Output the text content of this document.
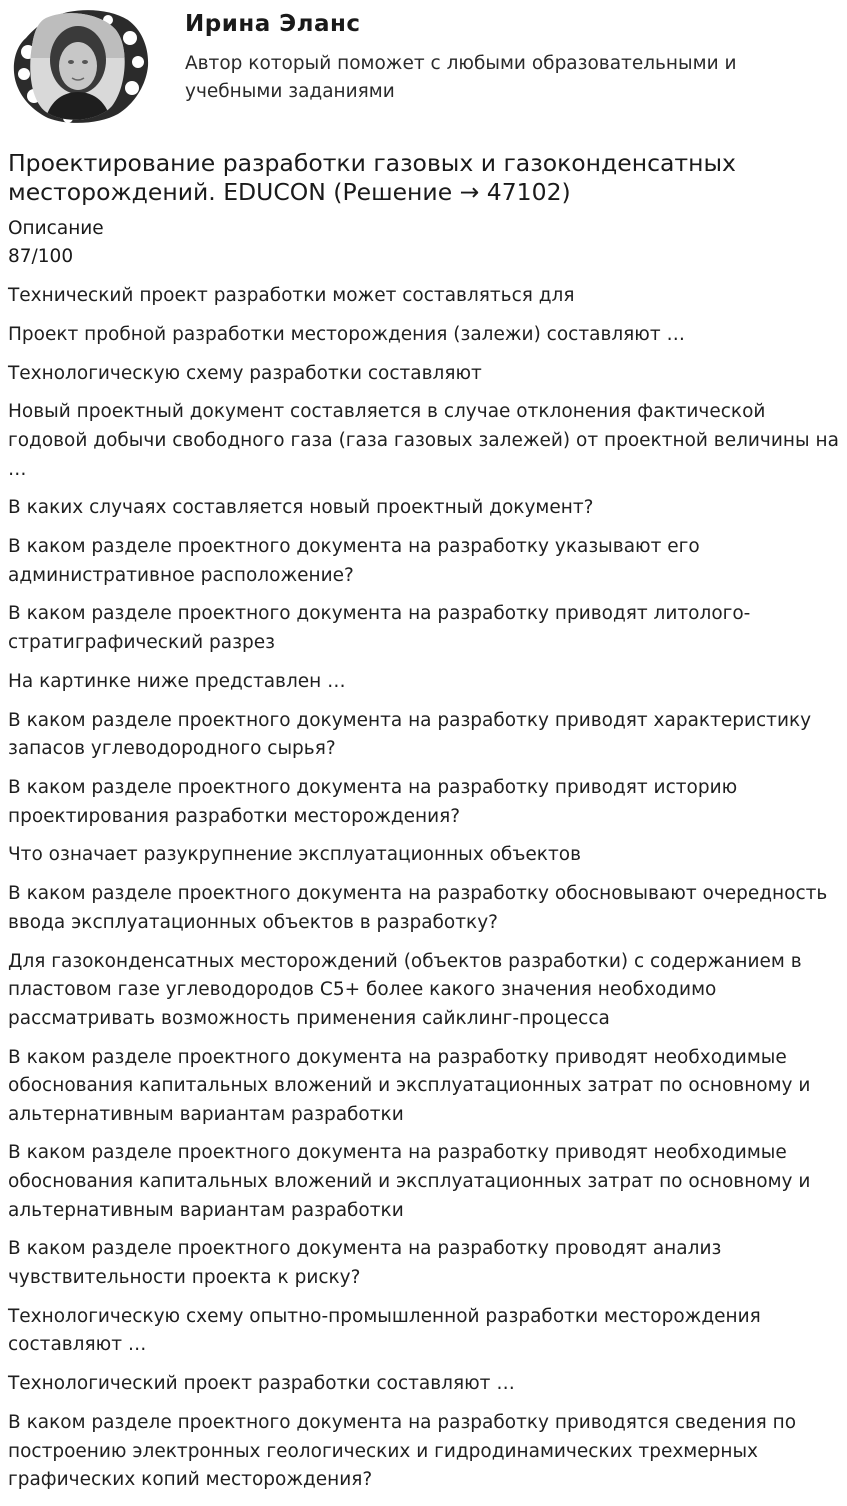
Ирина Эланс
Автор который поможет с любыми образовательными и учебными заданиями
Проектирование разработки газовых и газоконденсатных месторождений. EDUCON (Решение → 47102)
Описание
87/100
Технический проект разработки может составляться для
Проект пробной разработки месторождения (залежи) составляют …
Технологическую схему разработки составляют
Новый проектный документ составляется в случае отклонения фактической годовой добычи свободного газа (газа газовых залежей) от проектной величины на …
В каких случаях составляется новый проектный документ?
В каком разделе проектного документа на разработку указывают его административное расположение?
В каком разделе проектного документа на разработку приводят литолого-стратиграфический разрез
На картинке ниже представлен …
В каком разделе проектного документа на разработку приводят характеристику запасов углеводородного сырья?
В каком разделе проектного документа на разработку приводят историю проектирования разработки месторождения?
Что означает разукрупнение эксплуатационных объектов
В каком разделе проектного документа на разработку обосновывают очередность ввода эксплуатационных объектов в разработку?
Для газоконденсатных месторождений (объектов разработки) с содержанием в пластовом газе углеводородов С5+ более какого значения необходимо рассматривать возможность применения сайклинг-процесса
В каком разделе проектного документа на разработку приводят необходимые обоснования капитальных вложений и эксплуатационных затрат по основному и альтернативным вариантам разработки
В каком разделе проектного документа на разработку приводят необходимые обоснования капитальных вложений и эксплуатационных затрат по основному и альтернативным вариантам разработки
В каком разделе проектного документа на разработку проводят анализ чувствительности проекта к риску?
Технологическую схему опытно-промышленной разработки месторождения составляют …
Технологический проект разработки составляют …
В каком разделе проектного документа на разработку приводятся сведения по построению электронных геологических и гидродинамических трехмерных графических копий месторождения?
